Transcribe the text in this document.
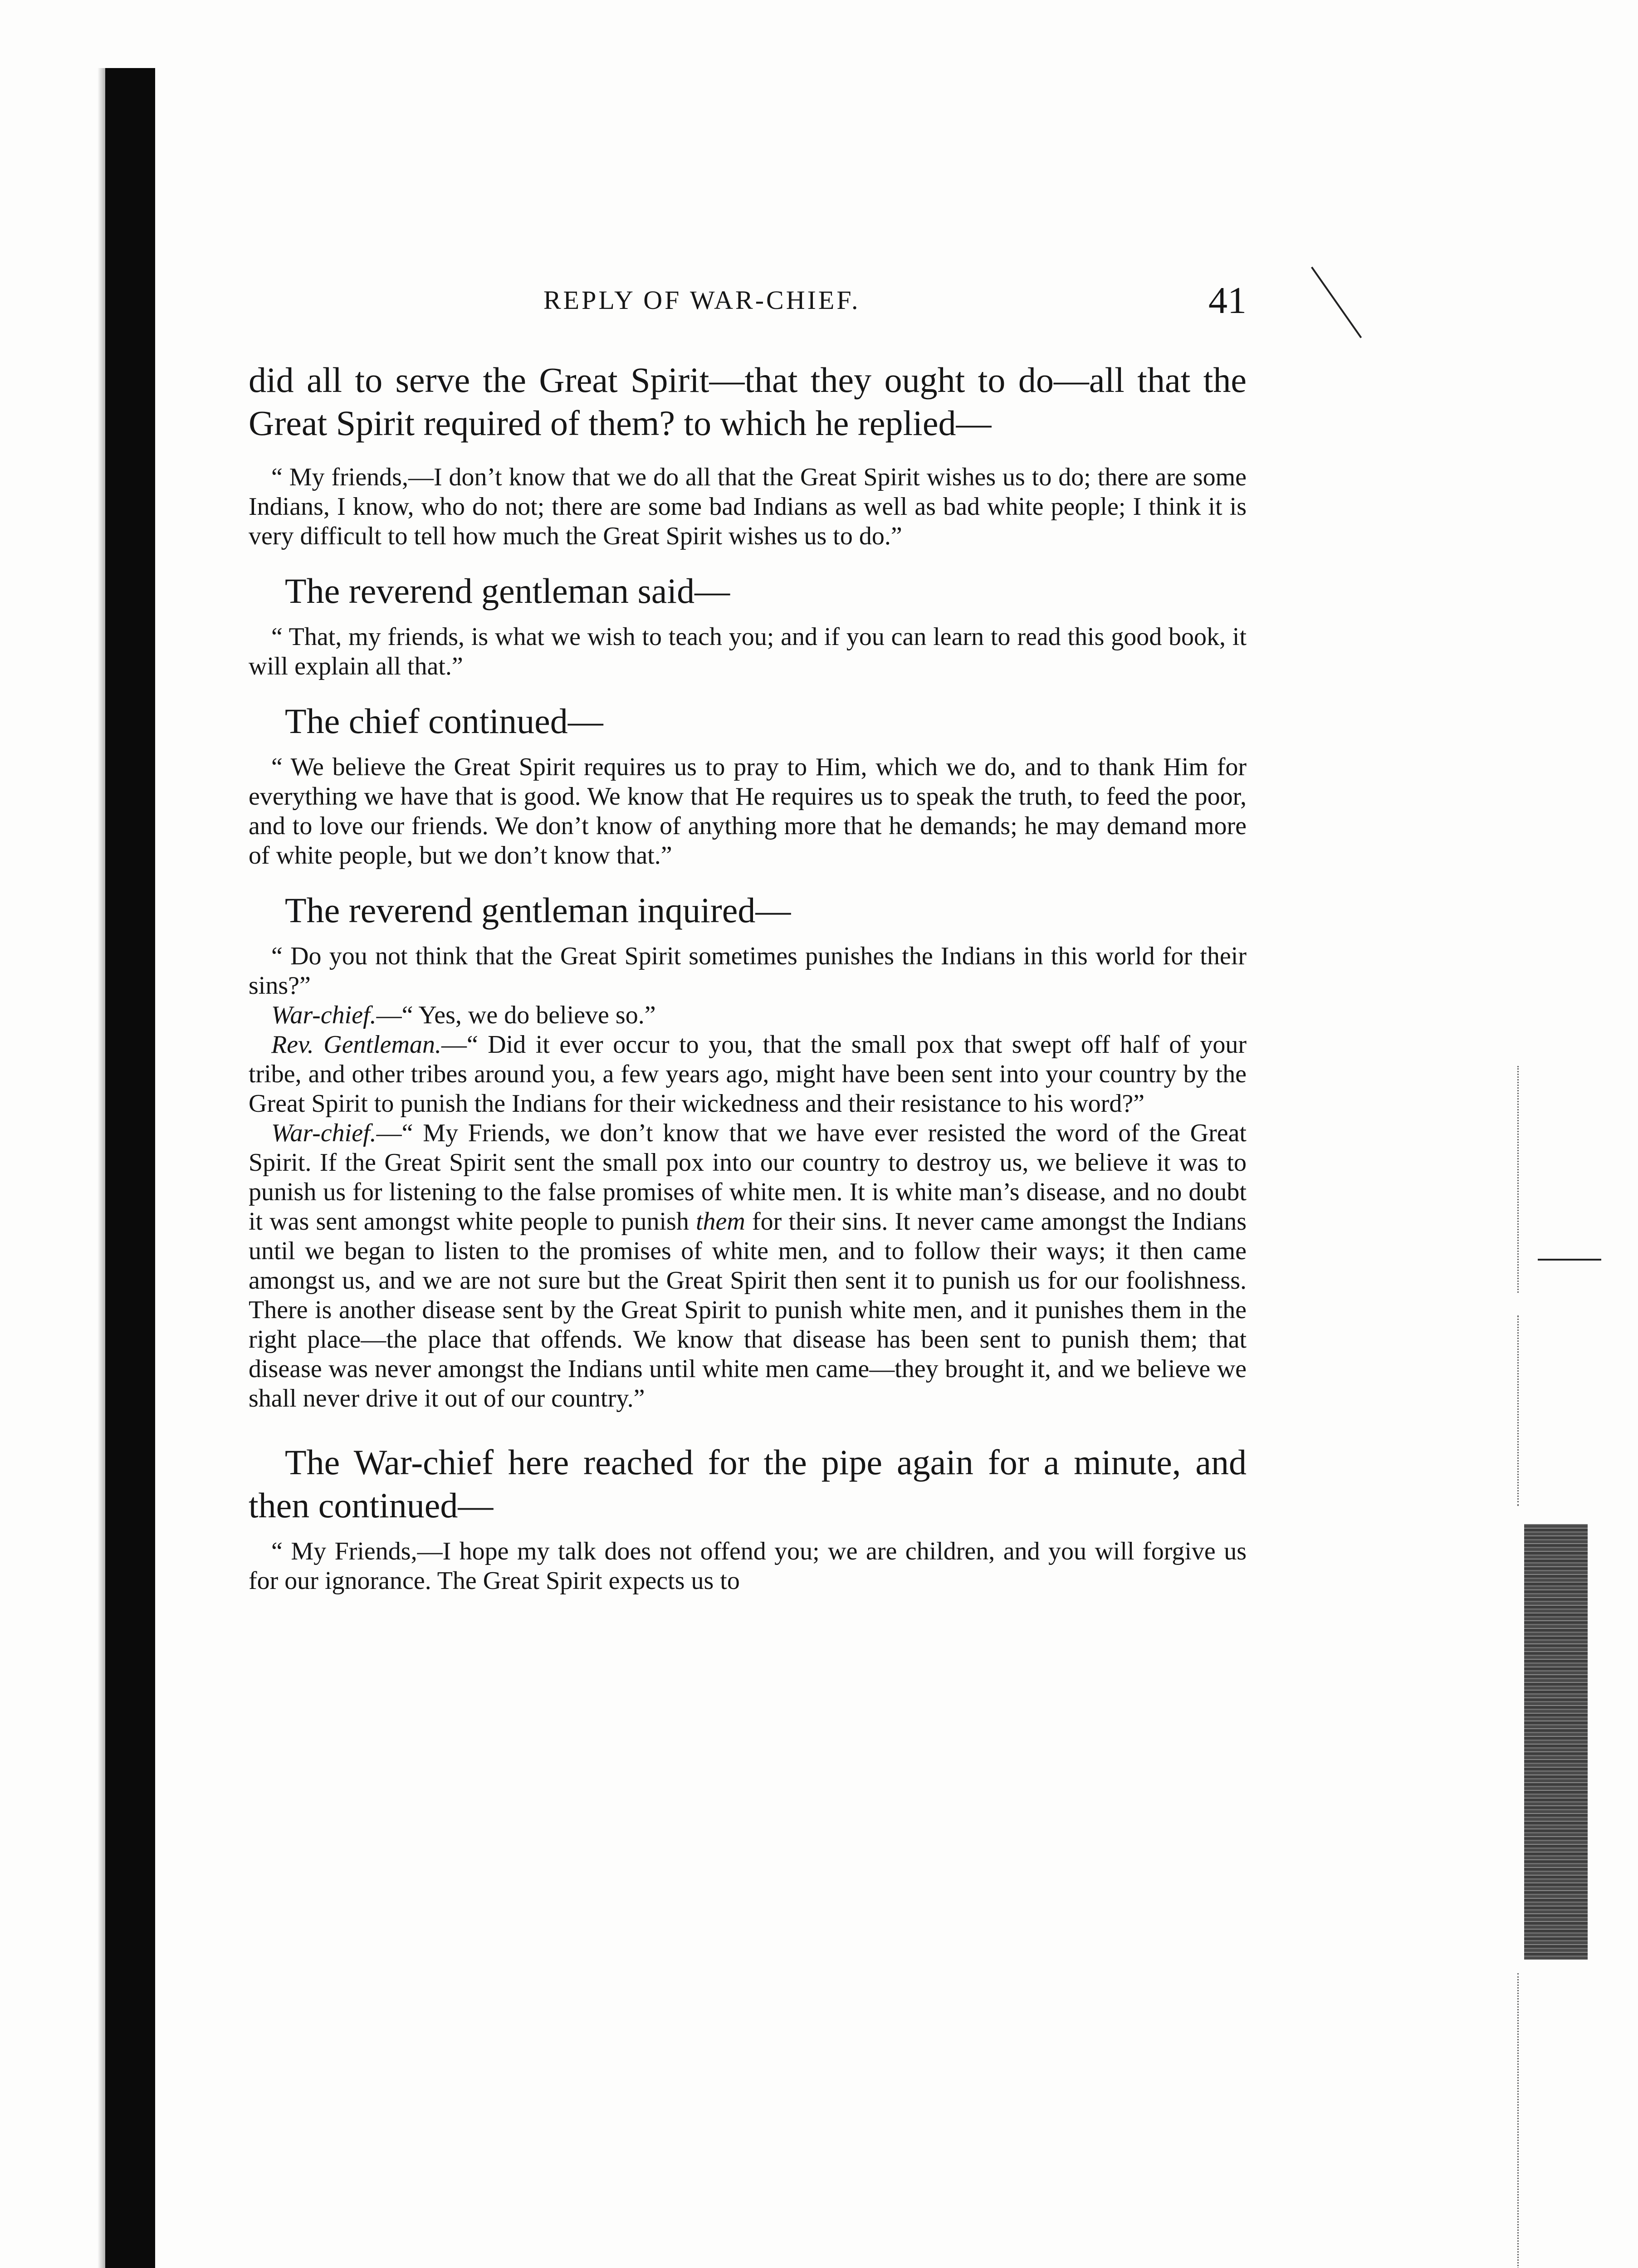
REPLY OF WAR-CHIEF.	41

did all to serve the Great Spirit—that they ought to do—all that the Great Spirit required of them? to which he replied—

“ My friends,—I don’t know that we do all that the Great Spirit wishes us to do; there are some Indians, I know, who do not; there are some bad Indians as well as bad white people; I think it is very difficult to tell how much the Great Spirit wishes us to do.”

The reverend gentleman said—

“ That, my friends, is what we wish to teach you; and if you can learn to read this good book, it will explain all that.”

The chief continued—

“ We believe the Great Spirit requires us to pray to Him, which we do, and to thank Him for everything we have that is good. We know that He requires us to speak the truth, to feed the poor, and to love our friends. We don’t know of anything more that he demands; he may demand more of white people, but we don’t know that.”

The reverend gentleman inquired—

“ Do you not think that the Great Spirit sometimes punishes the Indians in this world for their sins?”

War-chief.—“ Yes, we do believe so.”

Rev. Gentleman.—“ Did it ever occur to you, that the small pox that swept off half of your tribe, and other tribes around you, a few years ago, might have been sent into your country by the Great Spirit to punish the Indians for their wickedness and their resistance to his word?”

War-chief.—“ My Friends, we don’t know that we have ever resisted the word of the Great Spirit. If the Great Spirit sent the small pox into our country to destroy us, we believe it was to punish us for listening to the false promises of white men. It is white man’s disease, and no doubt it was sent amongst white people to punish them for their sins. It never came amongst the Indians until we began to listen to the promises of white men, and to follow their ways; it then came amongst us, and we are not sure but the Great Spirit then sent it to punish us for our foolishness. There is another disease sent by the Great Spirit to punish white men, and it punishes them in the right place—the place that offends. We know that disease has been sent to punish them; that disease was never amongst the Indians until white men came—they brought it, and we believe we shall never drive it out of our country.”

The War-chief here reached for the pipe again for a minute, and then continued—

“ My Friends,—I hope my talk does not offend you; we are children, and you will forgive us for our ignorance. The Great Spirit expects us to
